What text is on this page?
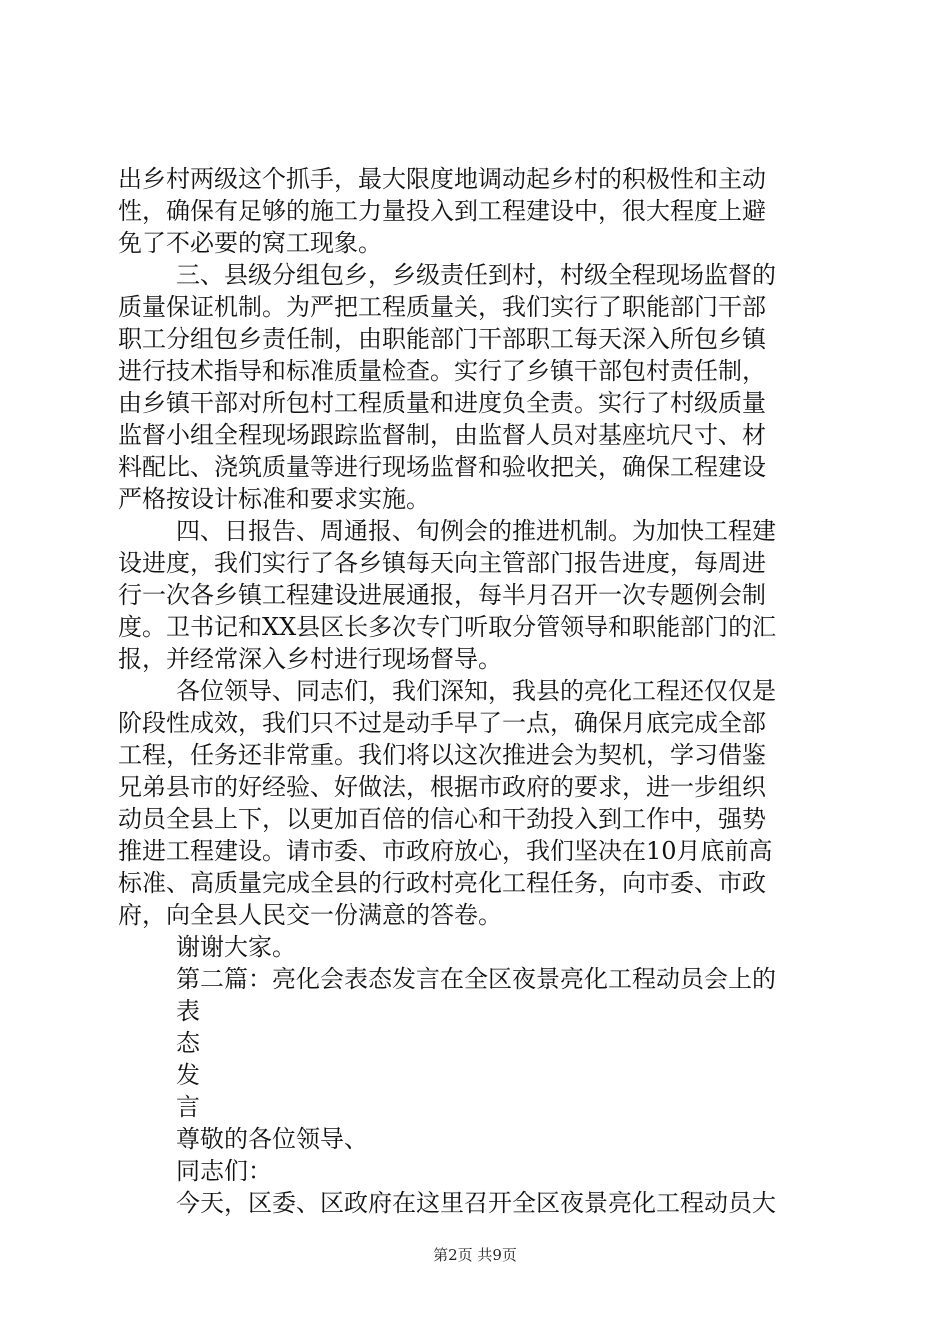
出乡村两级这个抓手，最大限度地调动起乡村的积极性和主动

性，确保有足够的施工力量投入到工程建设中，很大程度上避

免了不必要的窝工现象。

三、县级分组包乡，乡级责任到村，村级全程现场监督的

质量保证机制。为严把工程质量关，我们实行了职能部门干部

职工分组包乡责任制，由职能部门干部职工每天深入所包乡镇

进行技术指导和标准质量检查。实行了乡镇干部包村责任制，

由乡镇干部对所包村工程质量和进度负全责。实行了村级质量

监督小组全程现场跟踪监督制，由监督人员对基座坑尺寸、材

料配比、浇筑质量等进行现场监督和验收把关，确保工程建设

严格按设计标准和要求实施。

四、日报告、周通报、旬例会的推进机制。为加快工程建

设进度，我们实行了各乡镇每天向主管部门报告进度，每周进

行一次各乡镇工程建设进展通报，每半月召开一次专题例会制

度。卫书记和XX县区长多次专门听取分管领导和职能部门的汇

报，并经常深入乡村进行现场督导。

各位领导、同志们，我们深知，我县的亮化工程还仅仅是

阶段性成效，我们只不过是动手早了一点，确保月底完成全部

工程，任务还非常重。我们将以这次推进会为契机，学习借鉴

兄弟县市的好经验、好做法，根据市政府的要求，进一步组织

动员全县上下，以更加百倍的信心和干劲投入到工作中，强势

推进工程建设。请市委、市政府放心，我们坚决在10月底前高

标准、高质量完成全县的行政村亮化工程任务，向市委、市政

府，向全县人民交一份满意的答卷。

谢谢大家。

第二篇：亮化会表态发言在全区夜景亮化工程动员会上的

表

态

发

言

尊敬的各位领导、

同志们：

今天，区委、区政府在这里召开全区夜景亮化工程动员大

第2页 共9页
